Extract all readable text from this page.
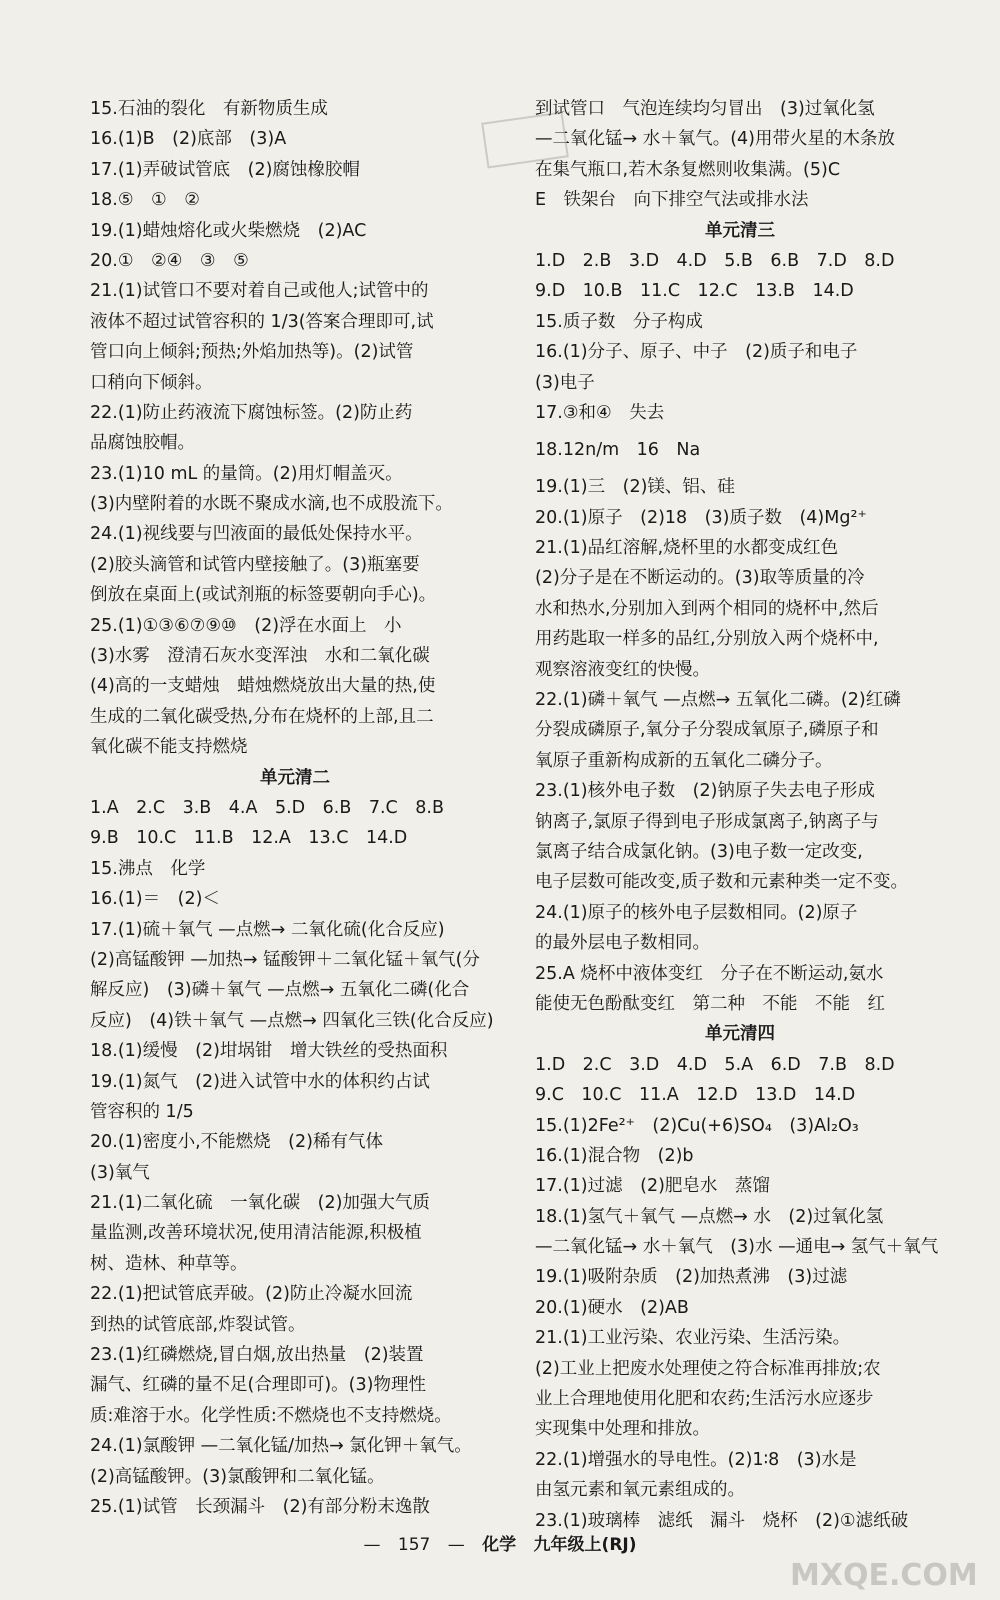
15.石油的裂化　有新物质生成
16.(1)B　(2)底部　(3)A
17.(1)弄破试管底　(2)腐蚀橡胶帽
18.⑤　①　②
19.(1)蜡烛熔化或火柴燃烧　(2)AC
20.①　②④　③　⑤
21.(1)试管口不要对着自己或他人;试管中的
液体不超过试管容积的 1/3(答案合理即可,试
管口向上倾斜;预热;外焰加热等)。(2)试管
口稍向下倾斜。
22.(1)防止药液流下腐蚀标签。(2)防止药
品腐蚀胶帽。
23.(1)10 mL 的量筒。(2)用灯帽盖灭。
(3)内壁附着的水既不聚成水滴,也不成股流下。
24.(1)视线要与凹液面的最低处保持水平。
(2)胶头滴管和试管内壁接触了。(3)瓶塞要
倒放在桌面上(或试剂瓶的标签要朝向手心)。
25.(1)①③⑥⑦⑨⑩　(2)浮在水面上　小
(3)水雾　澄清石灰水变浑浊　水和二氧化碳
(4)高的一支蜡烛　蜡烛燃烧放出大量的热,使
生成的二氧化碳受热,分布在烧杯的上部,且二
氧化碳不能支持燃烧
单元清二
1.A　2.C　3.B　4.A　5.D　6.B　7.C　8.B
9.B　10.C　11.B　12.A　13.C　14.D
15.沸点　化学
16.(1)＝　(2)＜
17.(1)硫＋氧气 —点燃→ 二氧化硫(化合反应)
(2)高锰酸钾 —加热→ 锰酸钾＋二氧化锰＋氧气(分
解反应)　(3)磷＋氧气 —点燃→ 五氧化二磷(化合
反应)　(4)铁＋氧气 —点燃→ 四氧化三铁(化合反应)
18.(1)缓慢　(2)坩埚钳　增大铁丝的受热面积
19.(1)氮气　(2)进入试管中水的体积约占试
管容积的 1/5
20.(1)密度小,不能燃烧　(2)稀有气体
(3)氧气
21.(1)二氧化硫　一氧化碳　(2)加强大气质
量监测,改善环境状况,使用清洁能源,积极植
树、造林、种草等。
22.(1)把试管底弄破。(2)防止冷凝水回流
到热的试管底部,炸裂试管。
23.(1)红磷燃烧,冒白烟,放出热量　(2)装置
漏气、红磷的量不足(合理即可)。(3)物理性
质:难溶于水。化学性质:不燃烧也不支持燃烧。
24.(1)氯酸钾 —二氧化锰/加热→ 氯化钾＋氧气。
(2)高锰酸钾。(3)氯酸钾和二氧化锰。
25.(1)试管　长颈漏斗　(2)有部分粉末逸散
到试管口　气泡连续均匀冒出　(3)过氧化氢
—二氧化锰→ 水＋氧气。(4)用带火星的木条放
在集气瓶口,若木条复燃则收集满。(5)C
E　铁架台　向下排空气法或排水法
单元清三
1.D　2.B　3.D　4.D　5.B　6.B　7.D　8.D
9.D　10.B　11.C　12.C　13.B　14.D
15.质子数　分子构成
16.(1)分子、原子、中子　(2)质子和电子
(3)电子
17.③和④　失去
18.12n/m　16　Na
19.(1)三　(2)镁、铝、硅
20.(1)原子　(2)18　(3)质子数　(4)Mg²⁺
21.(1)品红溶解,烧杯里的水都变成红色
(2)分子是在不断运动的。(3)取等质量的冷
水和热水,分别加入到两个相同的烧杯中,然后
用药匙取一样多的品红,分别放入两个烧杯中,
观察溶液变红的快慢。
22.(1)磷＋氧气 —点燃→ 五氧化二磷。(2)红磷
分裂成磷原子,氧分子分裂成氧原子,磷原子和
氧原子重新构成新的五氧化二磷分子。
23.(1)核外电子数　(2)钠原子失去电子形成
钠离子,氯原子得到电子形成氯离子,钠离子与
氯离子结合成氯化钠。(3)电子数一定改变,
电子层数可能改变,质子数和元素种类一定不变。
24.(1)原子的核外电子层数相同。(2)原子
的最外层电子数相同。
25.A 烧杯中液体变红　分子在不断运动,氨水
能使无色酚酞变红　第二种　不能　不能　红
单元清四
1.D　2.C　3.D　4.D　5.A　6.D　7.B　8.D
9.C　10.C　11.A　12.D　13.D　14.D
15.(1)2Fe²⁺　(2)Cu(+6)SO₄　(3)Al₂O₃
16.(1)混合物　(2)b
17.(1)过滤　(2)肥皂水　蒸馏
18.(1)氢气＋氧气 —点燃→ 水　(2)过氧化氢
—二氧化锰→ 水＋氧气　(3)水 —通电→ 氢气＋氧气
19.(1)吸附杂质　(2)加热煮沸　(3)过滤
20.(1)硬水　(2)AB
21.(1)工业污染、农业污染、生活污染。
(2)工业上把废水处理使之符合标准再排放;农
业上合理地使用化肥和农药;生活污水应逐步
实现集中处理和排放。
22.(1)增强水的导电性。(2)1∶8　(3)水是
由氢元素和氧元素组成的。
23.(1)玻璃棒　滤纸　漏斗　烧杯　(2)①滤纸破
— 157 — 化学 九年级上(RJ)
MXQE.COM
